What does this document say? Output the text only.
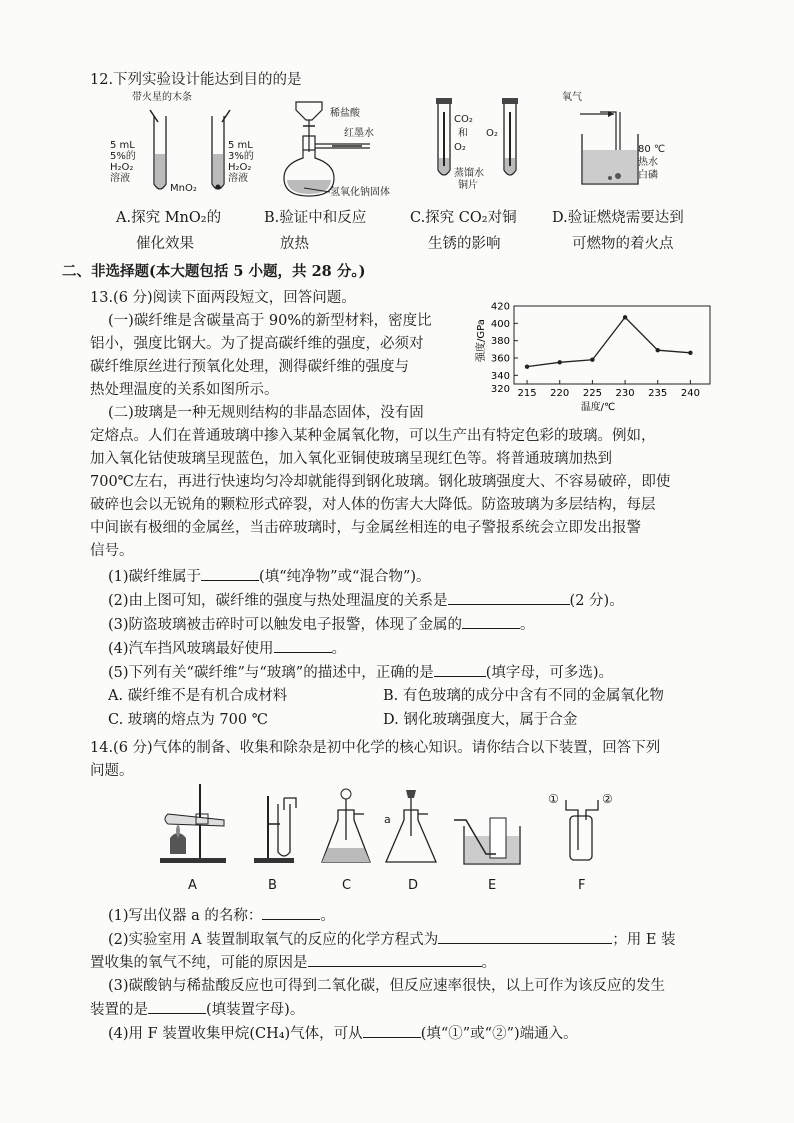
12.下列实验设计能达到目的的是
带火星的木条
5 mL
5%的
H₂O₂
溶液
5 mL
3%的
H₂O₂
溶液
MnO₂
稀盐酸
红墨水
氢氧化钠固体
CO₂
和
O₂
O₂
蒸馏水
铜片
氧气
80 ℃
热水
白磷
A.探究 MnO₂的
催化效果
B.验证中和反应
放热
C.探究 CO₂对铜
生锈的影响
D.验证燃烧需要达到
可燃物的着火点
二、非选择题(本大题包括 5 小题，共 28 分。)
13.(6 分)阅读下面两段短文，回答问题。
(一)碳纤维是含碳量高于 90%的新型材料，密度比
铝小，强度比钢大。为了提高碳纤维的强度，必须对
碳纤维原丝进行预氧化处理，测得碳纤维的强度与
热处理温度的关系如图所示。
(二)玻璃是一种无规则结构的非晶态固体，没有固
320
340
360
380
400
420
215 220 225 230 235 240
强度/GPa
温度/℃
定熔点。人们在普通玻璃中掺入某种金属氧化物，可以生产出有特定色彩的玻璃。例如，
加入氧化钴使玻璃呈现蓝色，加入氧化亚铜使玻璃呈现红色等。将普通玻璃加热到
700℃左右，再进行快速均匀冷却就能得到钢化玻璃。钢化玻璃强度大、不容易破碎，即使
破碎也会以无锐角的颗粒形式碎裂，对人体的伤害大大降低。防盗玻璃为多层结构，每层
中间嵌有极细的金属丝，当击碎玻璃时，与金属丝相连的电子警报系统会立即发出报警
信号。
(1)碳纤维属于	(填“纯净物”或“混合物”)。
(2)由上图可知，碳纤维的强度与热处理温度的关系是	(2 分)。
(3)防盗玻璃被击碎时可以触发电子报警，体现了金属的	。
(4)汽车挡风玻璃最好使用	。
(5)下列有关“碳纤维”与“玻璃”的描述中，正确的是	(填字母，可多选)。
A. 碳纤维不是有机合成材料	B. 有色玻璃的成分中含有不同的金属氧化物
C. 玻璃的熔点为 700 ℃	D. 钢化玻璃强度大，属于合金
14.(6 分)气体的制备、收集和除杂是初中化学的核心知识。请你结合以下装置，回答下列
问题。
a
①	②
A	B	C	D	E	F
(1)写出仪器 a 的名称：	。
(2)实验室用 A 装置制取氧气的反应的化学方程式为	；用 E 装
置收集的氧气不纯，可能的原因是	。
(3)碳酸钠与稀盐酸反应也可得到二氧化碳，但反应速率很快，以上可作为该反应的发生
装置的是	(填装置字母)。
(4)用 F 装置收集甲烷(CH₄)气体，可从	(填“①”或“②”)端通入。
